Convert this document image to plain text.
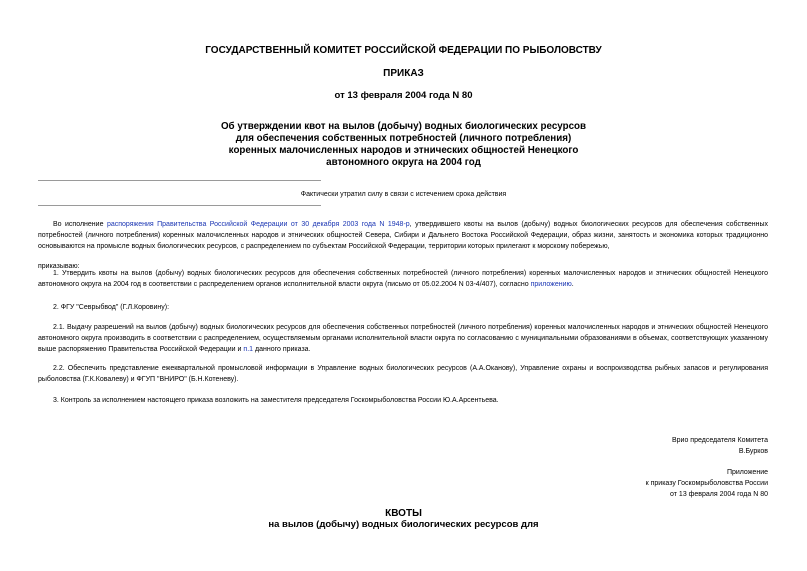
ГОСУДАРСТВЕННЫЙ КОМИТЕТ РОССИЙСКОЙ ФЕДЕРАЦИИ ПО РЫБОЛОВСТВУ
ПРИКАЗ
от 13 февраля 2004 года N 80
Об утверждении квот на вылов (добычу) водных биологических ресурсов
для обеспечения собственных потребностей (личного потребления)
коренных малочисленных народов и этнических общностей Ненецкого
автономного округа на 2004 год
Фактически утратил силу в связи с истечением срока действия
Во исполнение распоряжения Правительства Российской Федерации от 30 декабря 2003 года N 1948-р, утвердившего квоты на вылов (добычу) водных биологических ресурсов для обеспечения собственных потребностей (личного потребления) коренных малочисленных народов и этнических общностей Севера, Сибири и Дальнего Востока Российской Федерации, образ жизни, занятость и экономика которых традиционно основываются на промысле водных биологических ресурсов, с распределением по субъектам Российской Федерации, территории которых прилегают к морскому побережью,
приказываю:
1. Утвердить квоты на вылов (добычу) водных биологических ресурсов для обеспечения собственных потребностей (личного потребления) коренных малочисленных народов и этнических общностей Ненецкого автономного округа на 2004 год в соответствии с распределением органов исполнительной власти округа (письмо от 05.02.2004 N 03-4/407), согласно приложению.
2. ФГУ "Севрыбвод" (Г.Л.Коровину):
2.1. Выдачу разрешений на вылов (добычу) водных биологических ресурсов для обеспечения собственных потребностей (личного потребления) коренных малочисленных народов и этнических общностей Ненецкого автономного округа производить в соответствии с распределением, осуществляемым органами исполнительной власти округа по согласованию с муниципальными образованиями в объемах, соответствующих указанному выше распоряжению Правительства Российской Федерации и п.1 данного приказа.
2.2. Обеспечить представление ежеквартальной промысловой информации в Управление водных биологических ресурсов (А.А.Оканову), Управление охраны и воспроизводства рыбных запасов и регулирования рыболовства (Г.К.Ковалеву) и ФГУП "ВНИРО" (Б.Н.Котеневу).
3. Контроль за исполнением настоящего приказа возложить на заместителя председателя Госкомрыболовства России Ю.А.Арсентьева.
Врио председателя Комитета
В.Бурков
Приложение
к приказу Госкомрыболовства России
от 13 февраля 2004 года N 80
КВОТЫ
на вылов (добычу) водных биологических ресурсов для
